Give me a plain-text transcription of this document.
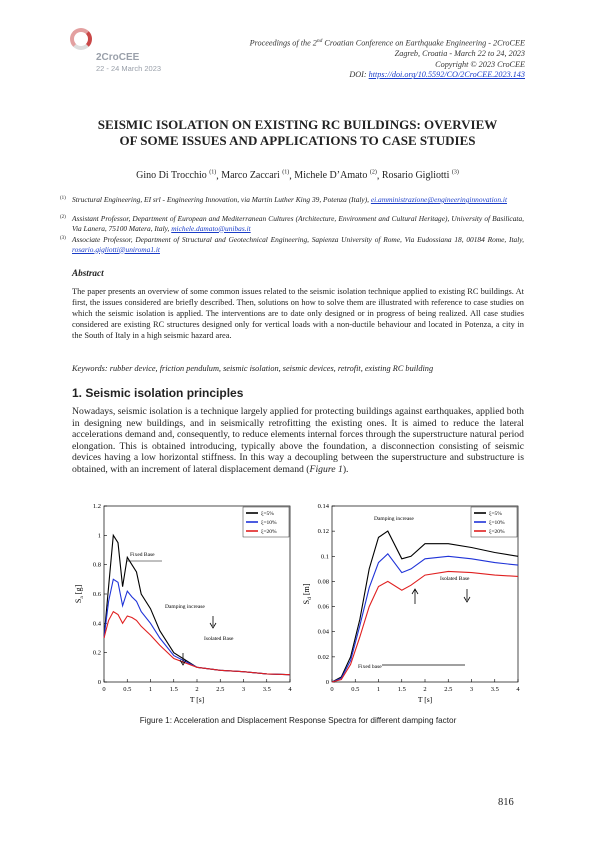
2CroCEE
22 - 24 March 2023
Proceedings of the 2nd Croatian Conference on Earthquake Engineering - 2CroCEE
Zagreb, Croatia - March 22 to 24, 2023
Copyright © 2023 CroCEE
DOI: https://doi.org/10.5592/CO/2CroCEE.2023.143
SEISMIC ISOLATION ON EXISTING RC BUILDINGS: OVERVIEW
OF SOME ISSUES AND APPLICATIONS TO CASE STUDIES
Gino Di Trocchio $^{(1)}$, Marco Zaccari $^{(1)}$, Michele D’Amato $^{(2)}$, Rosario Gigliotti $^{(3)}$
(1) Structural Engineering, EI srl - Engineering Innovation, via Martin Luther King 39, Potenza (Italy), ei.amministrazione@engineeringinnovation.it
(2) Assistant Professor, Department of European and Mediterranean Cultures (Architecture, Environment and Cultural Heritage), University of Basilicata, Via Lanera, 75100 Matera, Italy, michele.damato@unibas.it
(3) Associate Professor, Department of Structural and Geotechnical Engineering, Sapienza University of Rome, Via Eudossiana 18, 00184 Rome, Italy, rosario.gigliotti@uniroma1.it
Abstract
The paper presents an overview of some common issues related to the seismic isolation technique applied to existing RC buildings. At first, the issues considered are briefly described. Then, solutions on how to solve them are illustrated with reference to case studies on which the seismic isolation is applied. The interventions are to date only designed or in progress of being realized. All case studies considered are existing RC structures designed only for vertical loads with a non-ductile behaviour and located in Potenza, a city in the South of Italy in a high seismic hazard area.
Keywords: rubber device, friction pendulum, seismic isolation, seismic devices, retrofit, existing RC building
1. Seismic isolation principles
Nowadays, seismic isolation is a technique largely applied for protecting buildings against earthquakes, applied both in designing new buildings, and in seismically retrofitting the existing ones. It is aimed to reduce the lateral accelerations demand and, consequently, to reduce elements internal forces through the superstructure natural period elongation. This is obtained introducing, typically above the foundation, a disconnection consisting of seismic devices having a low horizontal stiffness. In this way a decoupling between the superstructure and substructure is obtained, with an increment of lateral displacement demand (Figure 1).
0	0.5	1	1.5	2	2.5	3	3.5	4
0
0.2
0.4
0.6
0.8
1
1.2
T [s]
$S_a$ [g]
ξ=5%
ξ=10%
ξ=20%
Fixed Base
Damping increase
Isolated Base
0	0.5	1	1.5	2	2.5	3	3.5	4
0
0.02
0.04
0.06
0.08
0.1
0.12
0.14
T [s]
$S_d$ [m]
ξ=5%
ξ=10%
ξ=20%
Damping increase
Isolated Base
Fixed base
Figure 1: Acceleration and Displacement Response Spectra for different damping factor
816
